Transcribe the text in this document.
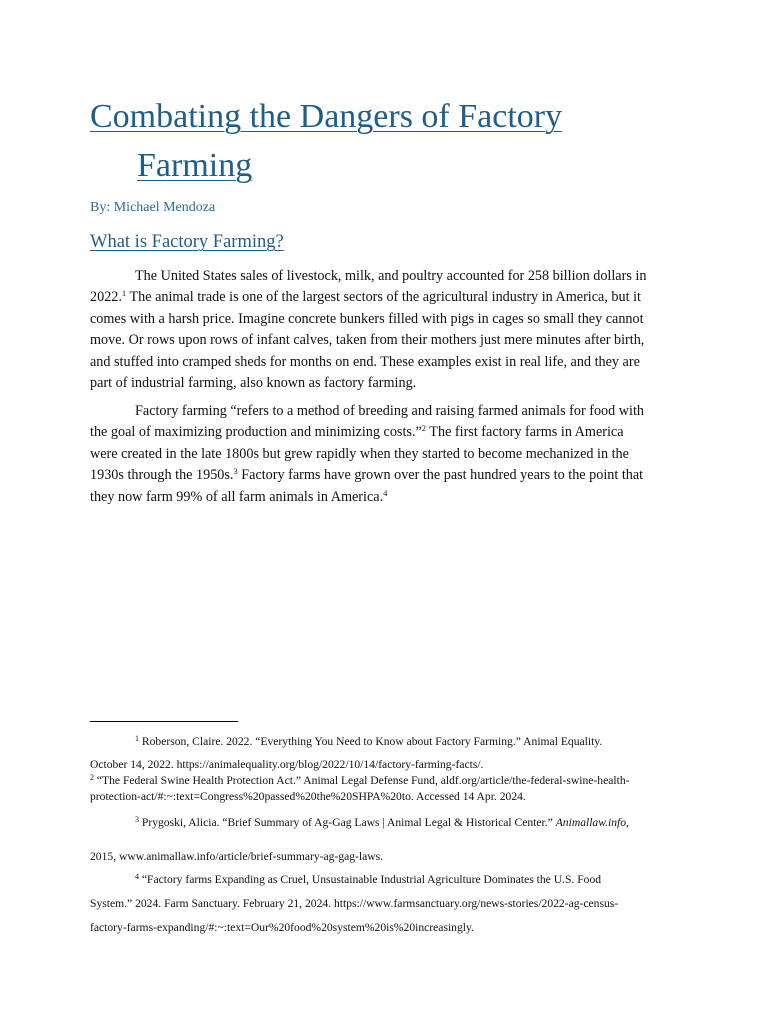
Combating the Dangers of Factory
Farming
By: Michael Mendoza
What is Factory Farming?

The United States sales of livestock, milk, and poultry accounted for 258 billion dollars in
2022.$^1$ The animal trade is one of the largest sectors of the agricultural industry in America, but it
comes with a harsh price. Imagine concrete bunkers filled with pigs in cages so small they cannot
move. Or rows upon rows of infant calves, taken from their mothers just mere minutes after birth,
and stuffed into cramped sheds for months on end. These examples exist in real life, and they are
part of industrial farming, also known as factory farming.

Factory farming “refers to a method of breeding and raising farmed animals for food with
the goal of maximizing production and minimizing costs.”$^2$ The first factory farms in America
were created in the late 1800s but grew rapidly when they started to become mechanized in the
1930s through the 1950s.$^3$ Factory farms have grown over the past hundred years to the point that
they now farm 99% of all farm animals in America.$^4$

$^1$ Roberson, Claire. 2022. “Everything You Need to Know about Factory Farming.” Animal Equality.
October 14, 2022. https://animalequality.org/blog/2022/10/14/factory-farming-facts/.

$^2$ “The Federal Swine Health Protection Act.” Animal Legal Defense Fund, aldf.org/article/the-federal-swine-health-
protection-act/#:~:text=Congress%20passed%20the%20SHPA%20to. Accessed 14 Apr. 2024.

$^3$ Prygoski, Alicia. “Brief Summary of Ag-Gag Laws | Animal Legal & Historical Center.” Animallaw.info,
2015, www.animallaw.info/article/brief-summary-ag-gag-laws.

$^4$ “Factory farms Expanding as Cruel, Unsustainable Industrial Agriculture Dominates the U.S. Food
System.” 2024. Farm Sanctuary. February 21, 2024. https://www.farmsanctuary.org/news-stories/2022-ag-census-
factory-farms-expanding/#:~:text=Our%20food%20system%20is%20increasingly.
